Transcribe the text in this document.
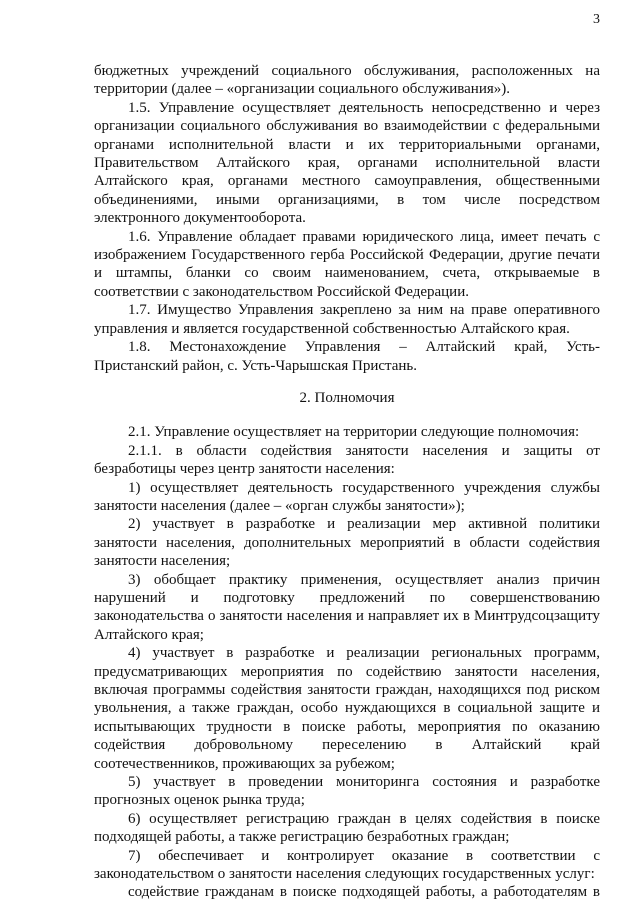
3

бюджетных учреждений социального обслуживания, расположенных на территории (далее – «организации социального обслуживания»).

1.5. Управление осуществляет деятельность непосредственно и через организации социального обслуживания во взаимодействии с федеральными органами исполнительной власти и их территориальными органами, Правительством Алтайского края, органами исполнительной власти Алтайского края, органами местного самоуправления, общественными объединениями, иными организациями, в том числе посредством электронного документооборота.

1.6. Управление обладает правами юридического лица, имеет печать с изображением Государственного герба Российской Федерации, другие печати и штампы, бланки со своим наименованием, счета, открываемые в соответствии с законодательством Российской Федерации.

1.7. Имущество Управления закреплено за ним на праве оперативного управления и является государственной собственностью Алтайского края.

1.8. Местонахождение Управления – Алтайский край, Усть-

Пристанский район, с. Усть-Чарышская Пристань.

2. Полномочия

2.1. Управление осуществляет на территории следующие полномочия:

2.1.1. в области содействия занятости населения и защиты от безработицы через центр занятости населения:

1) осуществляет деятельность государственного учреждения службы занятости населения (далее – «орган службы занятости»);

2) участвует в разработке и реализации мер активной политики занятости населения, дополнительных мероприятий в области содействия занятости населения;

3) обобщает практику применения, осуществляет анализ причин нарушений и подготовку предложений по совершенствованию законодательства о занятости населения и направляет их в Минтрудсоцзащиту Алтайского края;

4) участвует в разработке и реализации региональных программ, предусматривающих мероприятия по содействию занятости населения, включая программы содействия занятости граждан, находящихся под риском увольнения, а также граждан, особо нуждающихся в социальной защите и испытывающих трудности в поиске работы, мероприятия по оказанию содействия добровольному переселению в Алтайский край соотечественников, проживающих за рубежом;

5) участвует в проведении мониторинга состояния и разработке прогнозных оценок рынка труда;

6) осуществляет регистрацию граждан в целях содействия в поиске подходящей работы, а также регистрацию безработных граждан;

7) обеспечивает и контролирует оказание в соответствии с законодательством о занятости населения следующих государственных услуг:

содействие гражданам в поиске подходящей работы, а работодателям в
